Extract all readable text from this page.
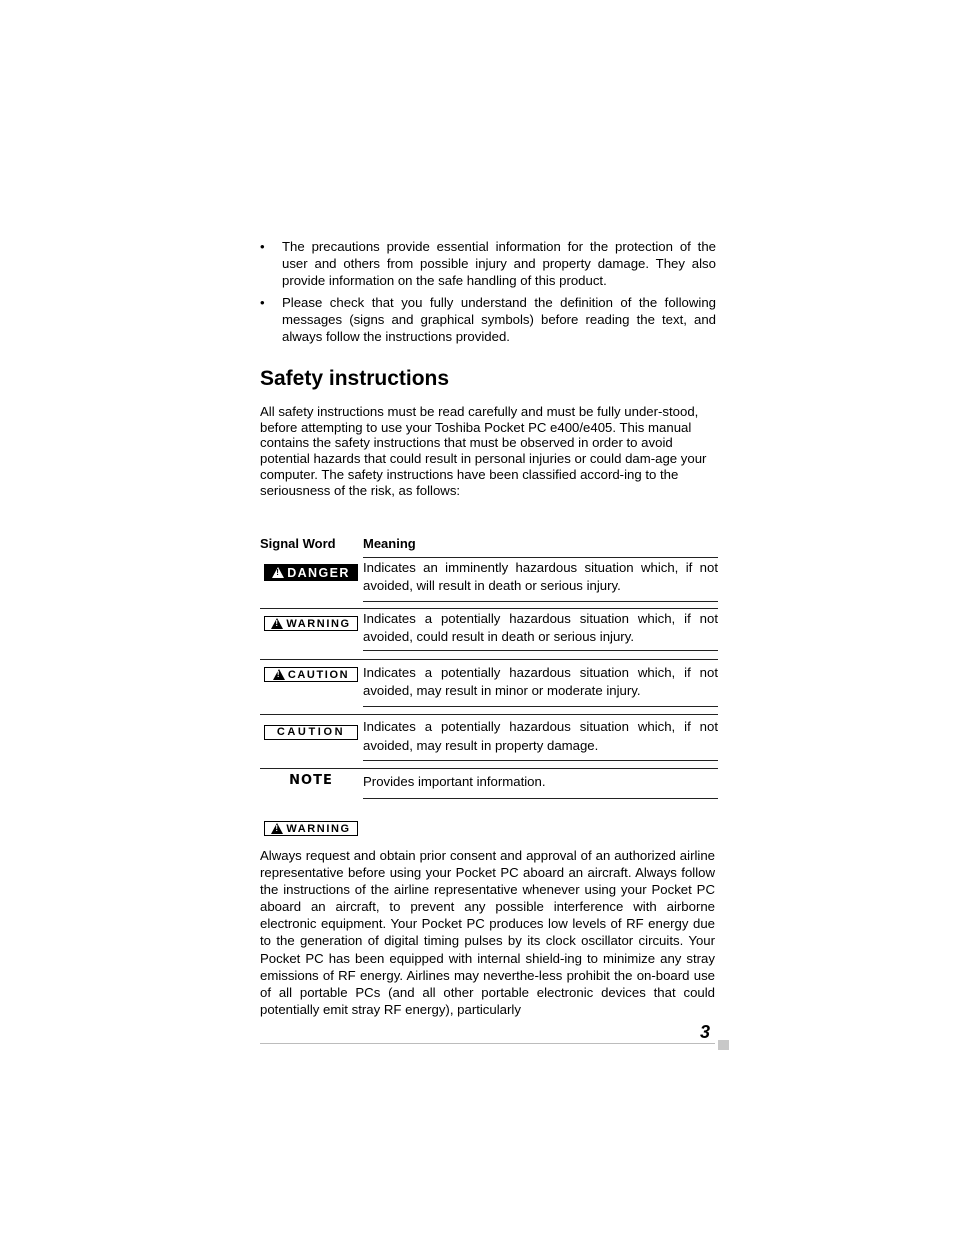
• The precautions provide essential information for the protection of the user and others from possible injury and property damage. They also provide information on the safe handling of this product.
• Please check that you fully understand the definition of the following messages (signs and graphical symbols) before reading the text, and always follow the instructions provided.
Safety instructions

All safety instructions must be read carefully and must be fully under-stood, before attempting to use your Toshiba Pocket PC e400/e405. This manual contains the safety instructions that must be observed in order to avoid potential hazards that could result in personal injuries or could dam-age your computer. The safety instructions have been classified accord-ing to the seriousness of the risk, as follows:

Signal Word	Meaning
!
DANGER Indicates an imminently hazardous situation which, if not avoided, will result in death or serious injury.
!
WARNING Indicates a potentially hazardous situation which, if not avoided, could result in death or serious injury.
!
CAUTION Indicates a potentially hazardous situation which, if not avoided, may result in minor or moderate injury.
CAUTION Indicates a potentially hazardous situation which, if not avoided, may result in property damage.
NOTE	Provides important information.
!
WARNING

Always request and obtain prior consent and approval of an authorized airline representative before using your Pocket PC aboard an aircraft. Always follow the instructions of the airline representative whenever using your Pocket PC aboard an aircraft, to prevent any possible interference with airborne electronic equipment. Your Pocket PC produces low levels of RF energy due to the generation of digital timing pulses by its clock oscillator circuits. Your Pocket PC has been equipped with internal shield-ing to minimize any stray emissions of RF energy. Airlines may neverthe-less prohibit the on-board use of all portable PCs (and all other portable electronic devices that could potentially emit stray RF energy), particularly

3
